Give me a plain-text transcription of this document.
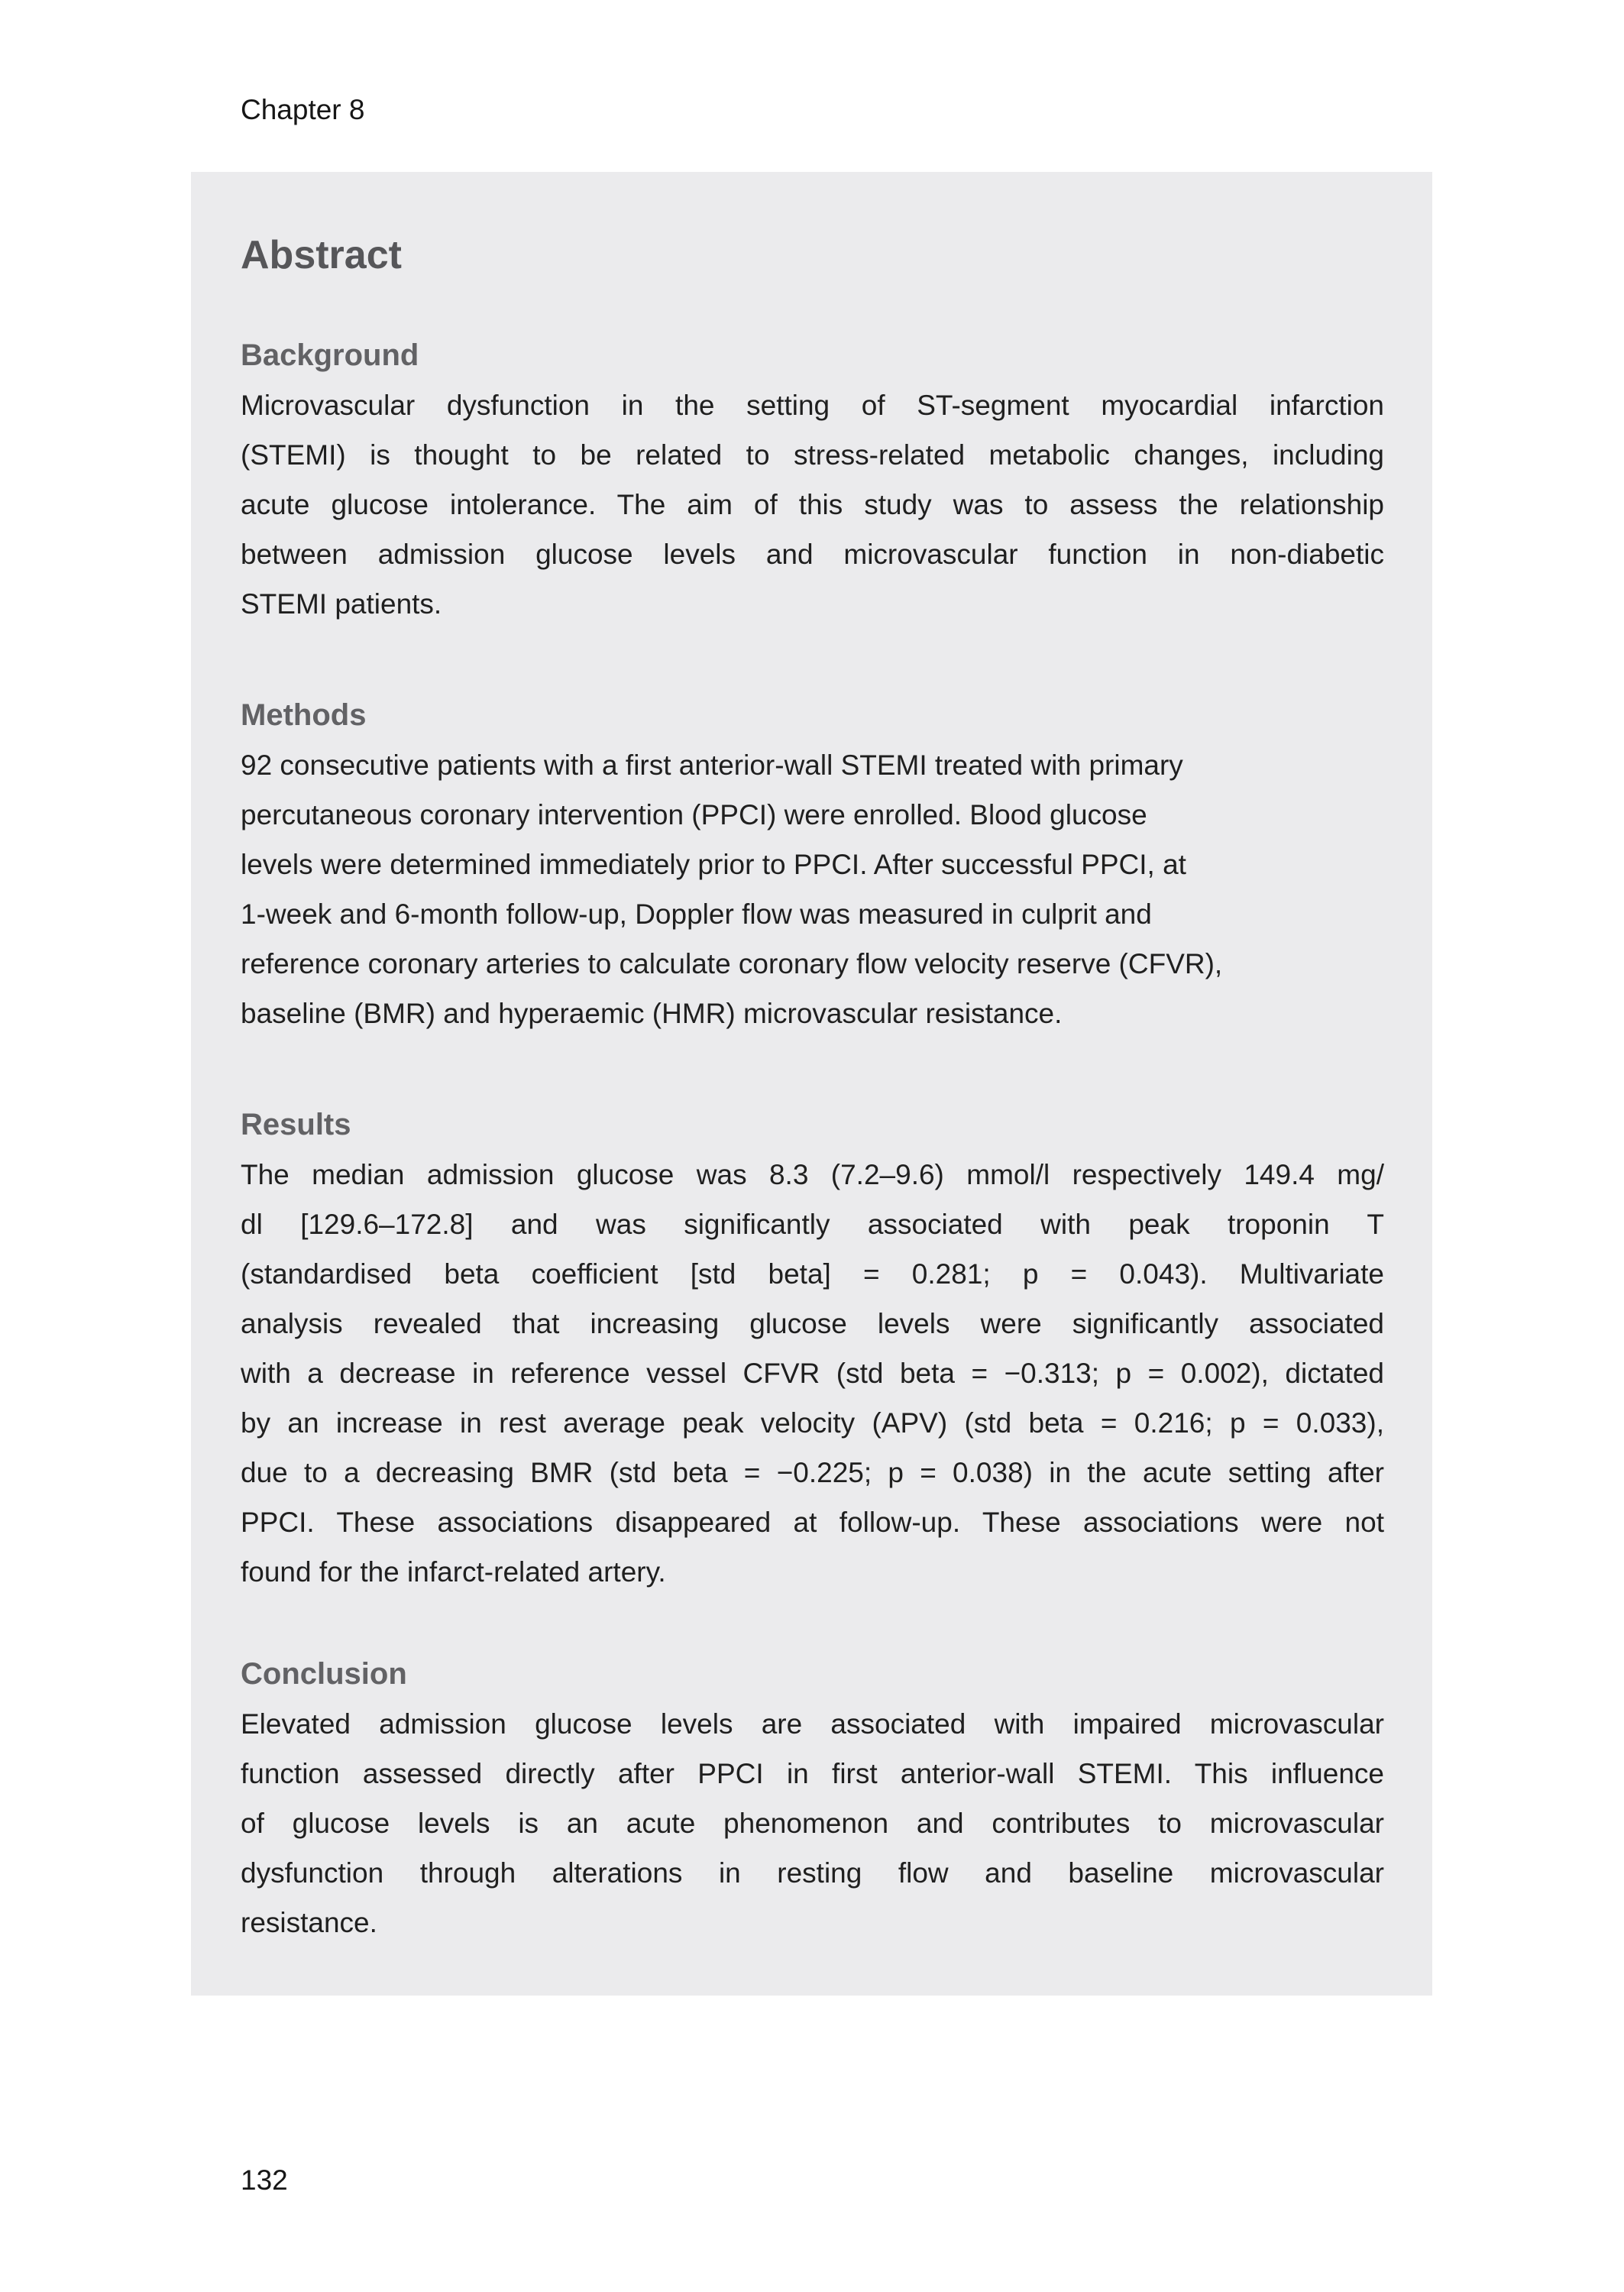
Chapter 8
Abstract
Background
Microvascular dysfunction in the setting of ST-segment myocardial infarction
(STEMI) is thought to be related to stress-related metabolic changes, including
acute glucose intolerance. The aim of this study was to assess the relationship
between admission glucose levels and microvascular function in non-diabetic
STEMI patients.
Methods
92 consecutive patients with a first anterior-wall STEMI treated with primary
percutaneous coronary intervention (PPCI) were enrolled. Blood glucose
levels were determined immediately prior to PPCI. After successful PPCI, at
1-week and 6-month follow-up, Doppler flow was measured in culprit and
reference coronary arteries to calculate coronary flow velocity reserve (CFVR),
baseline (BMR) and hyperaemic (HMR) microvascular resistance.
Results
The median admission glucose was 8.3 (7.2–9.6) mmol/l respectively 149.4 mg/
dl [129.6–172.8] and was significantly associated with peak troponin T
(standardised beta coefficient [std beta] = 0.281; p = 0.043). Multivariate
analysis revealed that increasing glucose levels were significantly associated
with a decrease in reference vessel CFVR (std beta = −0.313; p = 0.002), dictated
by an increase in rest average peak velocity (APV) (std beta = 0.216; p = 0.033),
due to a decreasing BMR (std beta = −0.225; p = 0.038) in the acute setting after
PPCI. These associations disappeared at follow-up. These associations were not
found for the infarct-related artery.
Conclusion
Elevated admission glucose levels are associated with impaired microvascular
function assessed directly after PPCI in first anterior-wall STEMI. This influence
of glucose levels is an acute phenomenon and contributes to microvascular
dysfunction through alterations in resting flow and baseline microvascular
resistance.
132
